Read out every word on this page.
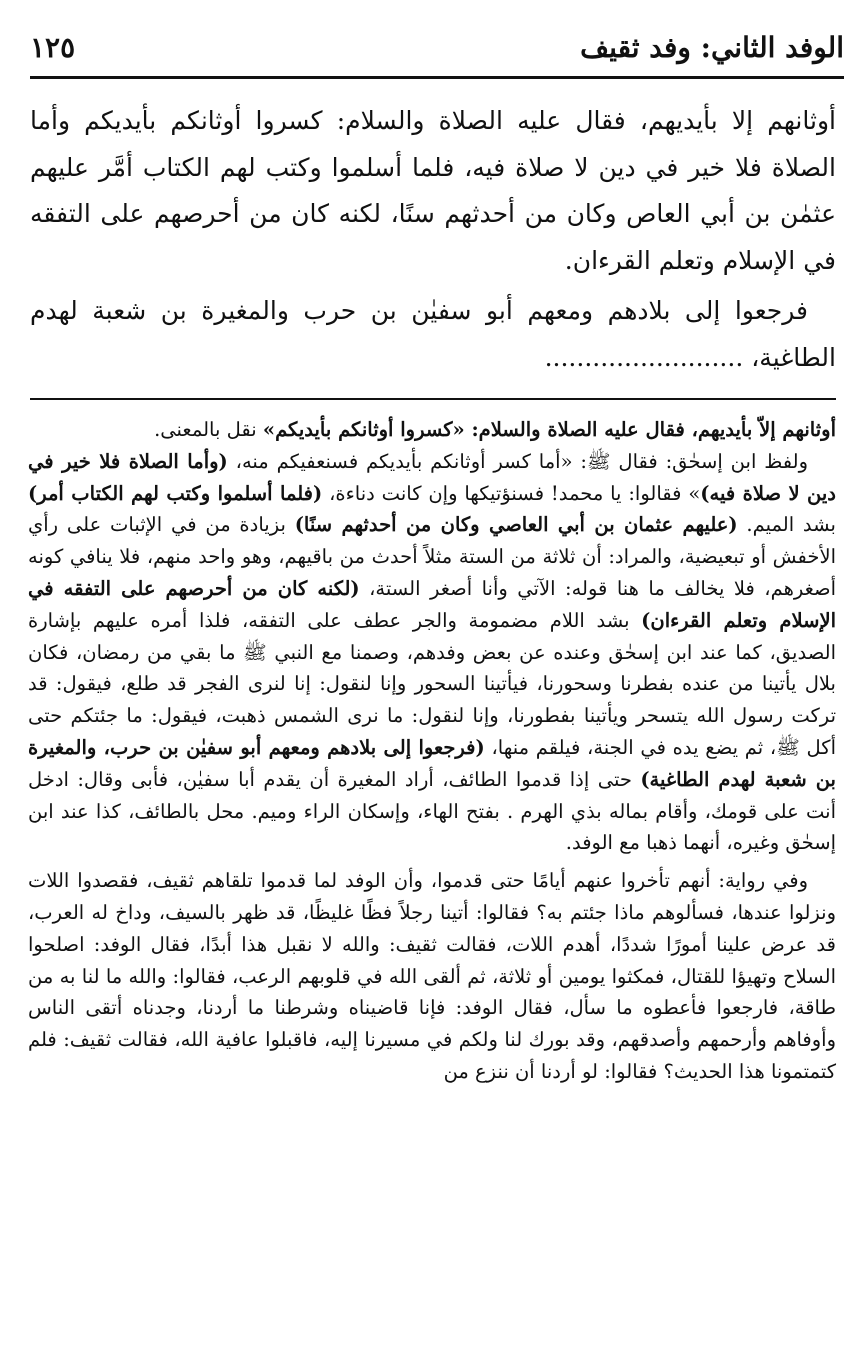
الوفد الثاني: وفد ثقيف
١٢٥

أوثانهم إلا بأيديهم، فقال عليه الصلاة والسلام: كسروا أوثانكم بأيديكم وأما الصلاة فلا خير في دين لا صلاة فيه، فلما أسلموا وكتب لهم الكتاب أمَّر عليهم عثمٰن بن أبي العاص وكان من أحدثهم سنًا، لكنه كان من أحرصهم على التفقه في الإسلام وتعلم القرءان.

فرجعوا إلى بلادهم ومعهم أبو سفيٰن بن حرب والمغيرة بن شعبة لهدم الطاغية، .........................

أوثانهم إلاّ بأيديهم، فقال عليه الصلاة والسلام: «كسروا أوثانكم بأيديكم» نقل بالمعنى.

ولفظ ابن إسحٰق: فقال ﷺ: «أما كسر أوثانكم بأيديكم فسنعفيكم منه، (وأما الصلاة فلا خير في دين لا صلاة فيه)» فقالوا: يا محمد! فسنؤتيكها وإن كانت دناءة، (فلما أسلموا وكتب لهم الكتاب أمر) بشد الميم. (عليهم عثمان بن أبي العاصي وكان من أحدثهم سنًا) بزيادة من في الإثبات على رأي الأخفش أو تبعيضية، والمراد: أن ثلاثة من الستة مثلاً أحدث من باقيهم، وهو واحد منهم، فلا ينافي كونه أصغرهم، فلا يخالف ما هنا قوله: الآتي وأنا أصغر الستة، (لكنه كان من أحرصهم على التفقه في الإسلام وتعلم القرءان) بشد اللام مضمومة والجر عطف على التفقه، فلذا أمره عليهم بإشارة الصديق، كما عند ابن إسحٰق وعنده عن بعض وفدهم، وصمنا مع النبي ﷺ ما بقي من رمضان، فكان بلال يأتينا من عنده بفطرنا وسحورنا، فيأتينا السحور وإنا لنقول: إنا لنرى الفجر قد طلع، فيقول: قد تركت رسول الله يتسحر ويأتينا بفطورنا، وإنا لنقول: ما نرى الشمس ذهبت، فيقول: ما جئتكم حتى أكل ﷺ، ثم يضع يده في الجنة، فيلقم منها، (فرجعوا إلى بلادهم ومعهم أبو سفيٰن بن حرب، والمغيرة بن شعبة لهدم الطاغية) حتى إذا قدموا الطائف، أراد المغيرة أن يقدم أبا سفيٰن، فأبى وقال: ادخل أنت على قومك، وأقام بماله بذي الهرم . بفتح الهاء، وإسكان الراء وميم. محل بالطائف، كذا عند ابن إسحٰق وغيره، أنهما ذهبا مع الوفد.

وفي رواية: أنهم تأخروا عنهم أيامًا حتى قدموا، وأن الوفد لما قدموا تلقاهم ثقيف، فقصدوا اللات ونزلوا عندها، فسألوهم ماذا جئتم به؟ فقالوا: أتينا رجلاً فظًا غليظًا، قد ظهر بالسيف، وداخ له العرب، قد عرض علينا أمورًا شددًا، أهدم اللات، فقالت ثقيف: والله لا نقبل هذا أبدًا، فقال الوفد: اصلحوا السلاح وتهيؤا للقتال، فمكثوا يومين أو ثلاثة، ثم ألقى الله في قلوبهم الرعب، فقالوا: والله ما لنا به من طاقة، فارجعوا فأعطوه ما سأل، فقال الوفد: فإنا قاضيناه وشرطنا ما أردنا، وجدناه أتقى الناس وأوفاهم وأرحمهم وأصدقهم، وقد بورك لنا ولكم في مسيرنا إليه، فاقبلوا عافية الله، فقالت ثقيف: فلم كتمتمونا هذا الحديث؟ فقالوا: لو أردنا أن ننزع من
